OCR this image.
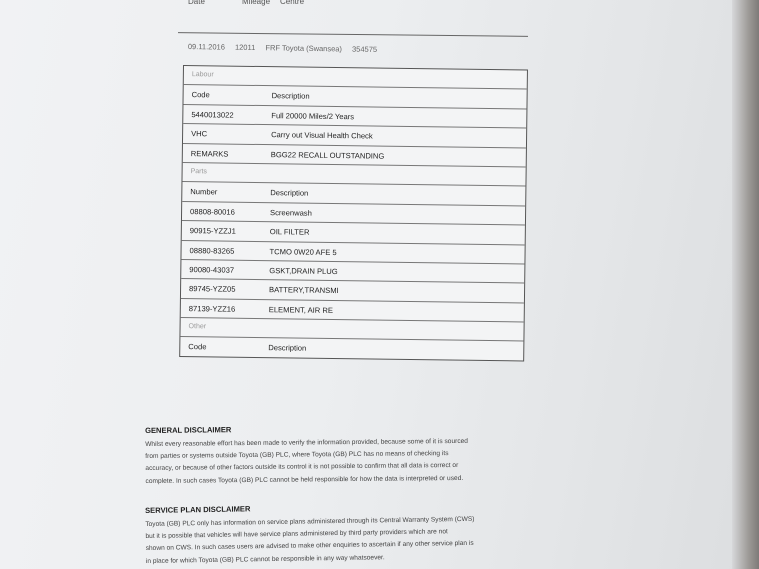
Date	Mileage Centre
09.11.2016 12011 FRF Toyota (Swansea) 354575
Labour
Code	Description
5440013022	Full 20000 Miles/2 Years
VHC	Carry out Visual Health Check
REMARKS	BGG22 RECALL OUTSTANDING
Parts
Number	Description
08808-80016	Screenwash
90915-YZZJ1	OIL FILTER
08880-83265	TCMO 0W20 AFE 5
90080-43037	GSKT,DRAIN PLUG
89745-YZZ05	BATTERY,TRANSMI
87139-YZZ16	ELEMENT, AIR RE
Other
Code	Description
GENERAL DISCLAIMER

Whilst every reasonable effort has been made to verify the information provided, because some of it is sourced

from parties or systems outside Toyota (GB) PLC, where Toyota (GB) PLC has no means of checking its

accuracy, or because of other factors outside its control it is not possible to confirm that all data is correct or

complete. In such cases Toyota (GB) PLC cannot be held responsible for how the data is interpreted or used.

SERVICE PLAN DISCLAIMER

Toyota (GB) PLC only has information on service plans administered through its Central Warranty System (CWS)

but it is possible that vehicles will have service plans administered by third party providers which are not

shown on CWS. In such cases users are advised to make other enquiries to ascertain if any other service plan is

in place for which Toyota (GB) PLC cannot be responsible in any way whatsoever.
